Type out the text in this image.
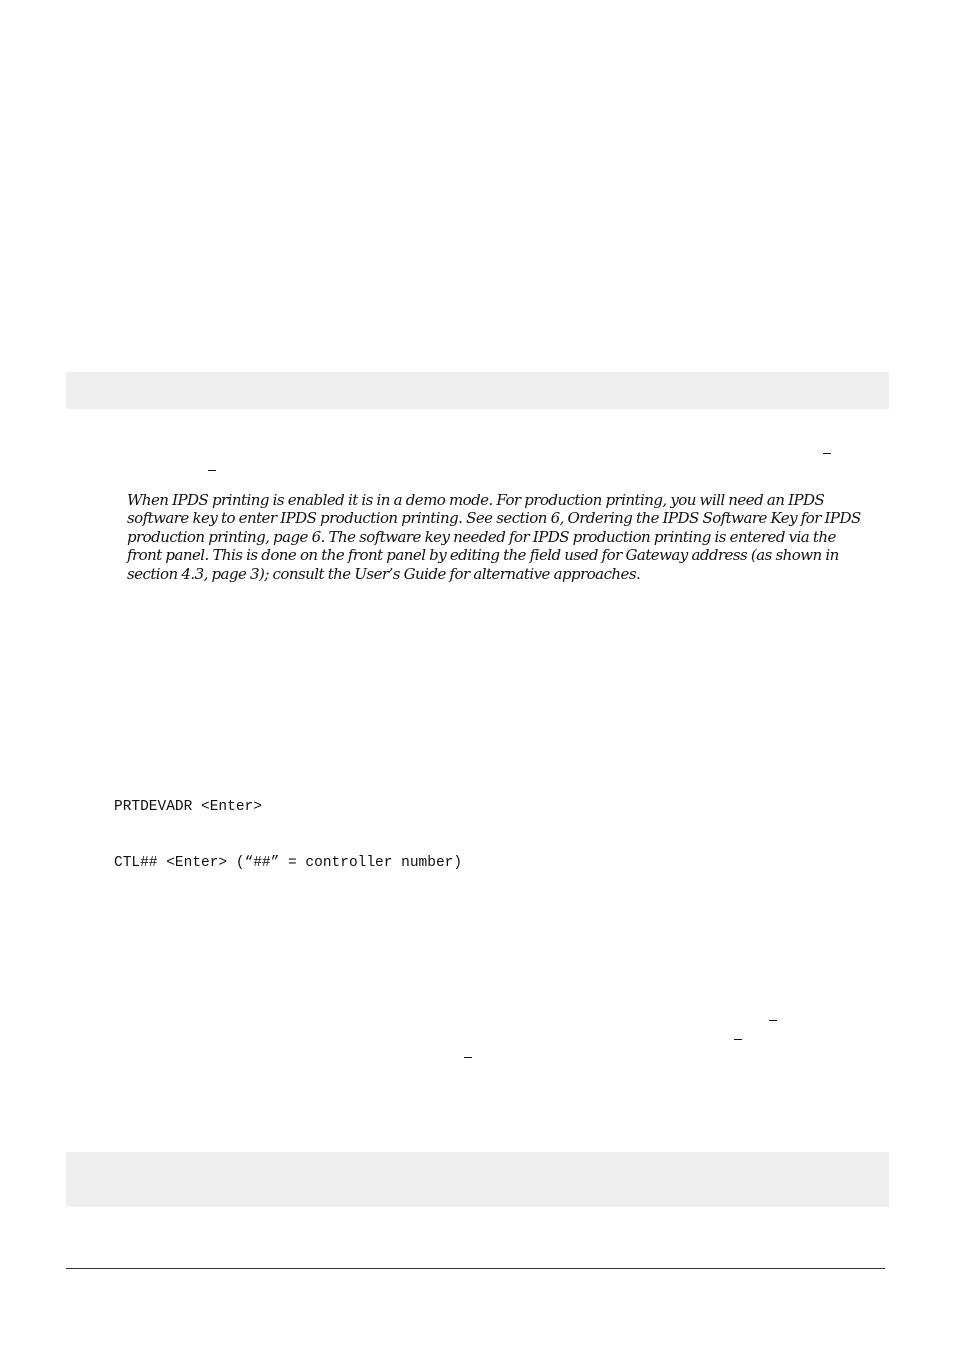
When IPDS printing is enabled it is in a demo mode. For production printing, you will need an IPDS
software key to enter IPDS production printing. See section 6, Ordering the IPDS Software Key for IPDS
production printing, page 6. The software key needed for IPDS production printing is entered via the
front panel. This is done on the front panel by editing the field used for Gateway address (as shown in
section 4.3, page 3); consult the User’s Guide for alternative approaches.
PRTDEVADR <Enter>
CTL## <Enter> (“##” = controller number)
